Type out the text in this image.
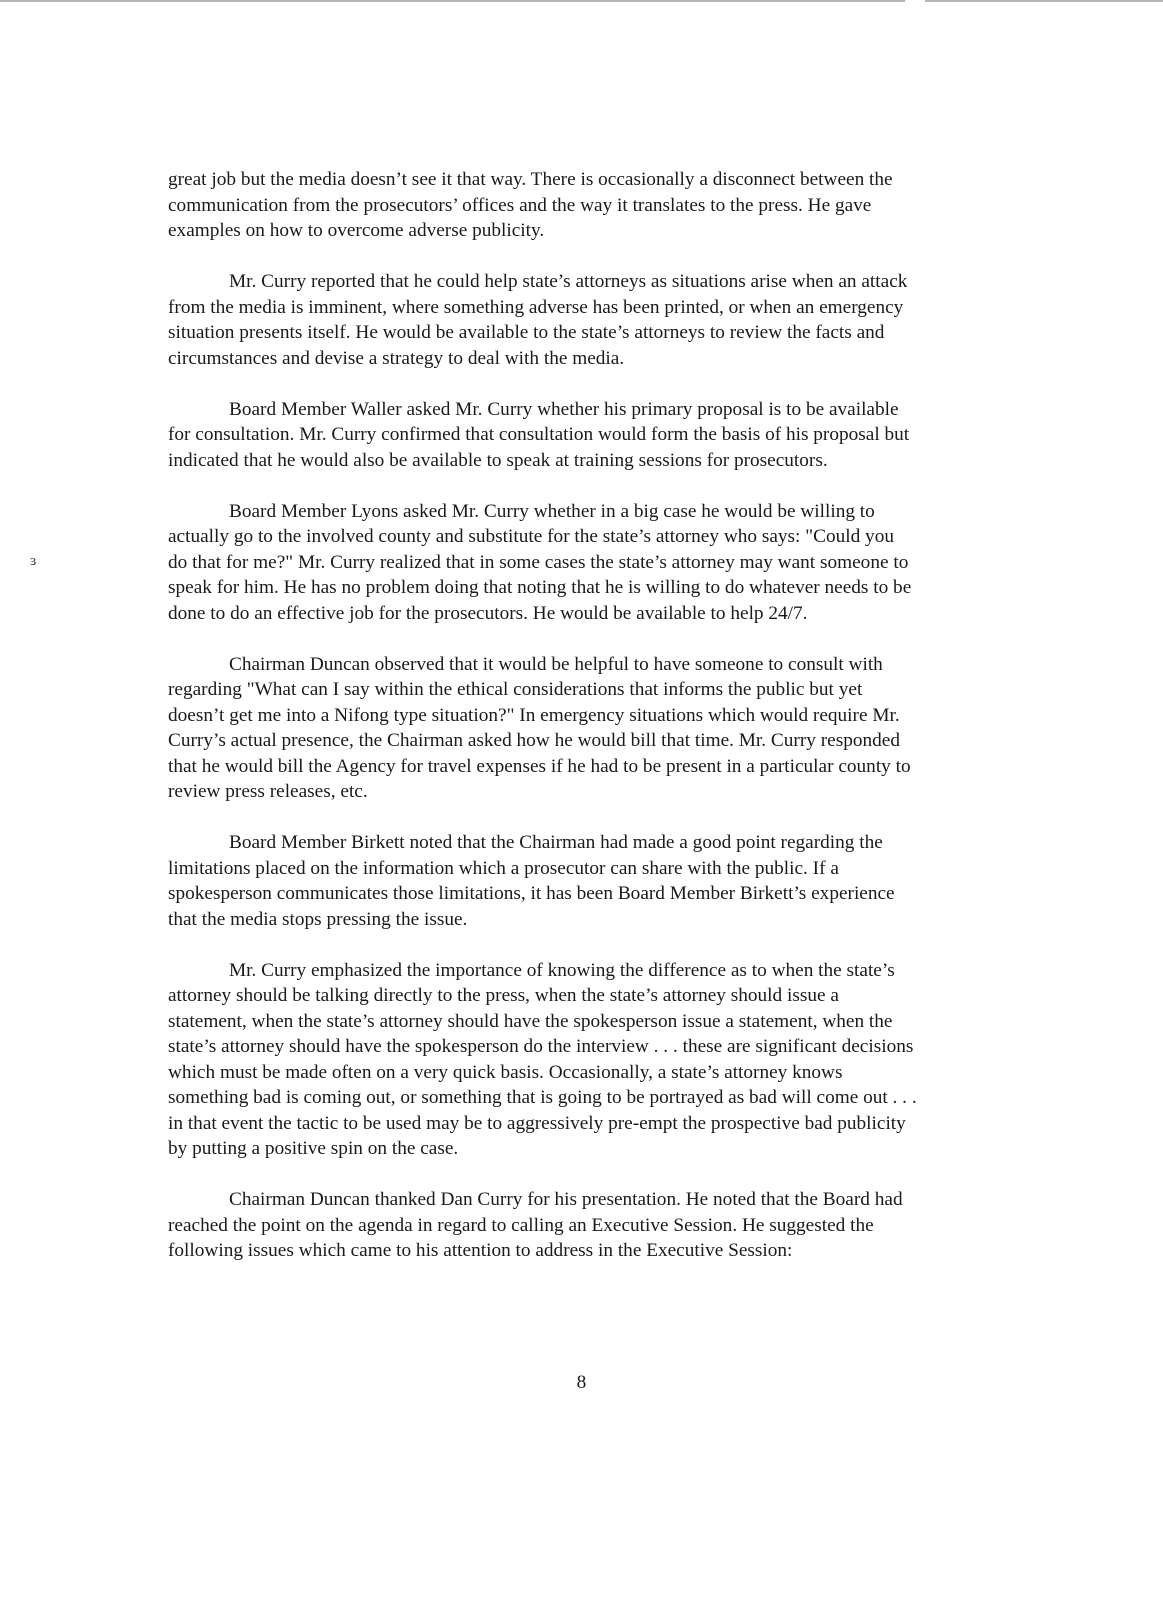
ɜ

great job but the media doesn’t see it that way. There is occasionally a disconnect between the
communication from the prosecutors’ offices and the way it translates to the press. He gave
examples on how to overcome adverse publicity.

Mr. Curry reported that he could help state’s attorneys as situations arise when an attack
from the media is imminent, where something adverse has been printed, or when an emergency
situation presents itself. He would be available to the state’s attorneys to review the facts and
circumstances and devise a strategy to deal with the media.

Board Member Waller asked Mr. Curry whether his primary proposal is to be available
for consultation. Mr. Curry confirmed that consultation would form the basis of his proposal but
indicated that he would also be available to speak at training sessions for prosecutors.

Board Member Lyons asked Mr. Curry whether in a big case he would be willing to
actually go to the involved county and substitute for the state’s attorney who says: "Could you
do that for me?" Mr. Curry realized that in some cases the state’s attorney may want someone to
speak for him. He has no problem doing that noting that he is willing to do whatever needs to be
done to do an effective job for the prosecutors. He would be available to help 24/7.

Chairman Duncan observed that it would be helpful to have someone to consult with
regarding "What can I say within the ethical considerations that informs the public but yet
doesn’t get me into a Nifong type situation?" In emergency situations which would require Mr.
Curry’s actual presence, the Chairman asked how he would bill that time. Mr. Curry responded
that he would bill the Agency for travel expenses if he had to be present in a particular county to
review press releases, etc.

Board Member Birkett noted that the Chairman had made a good point regarding the
limitations placed on the information which a prosecutor can share with the public. If a
spokesperson communicates those limitations, it has been Board Member Birkett’s experience
that the media stops pressing the issue.

Mr. Curry emphasized the importance of knowing the difference as to when the state’s
attorney should be talking directly to the press, when the state’s attorney should issue a
statement, when the state’s attorney should have the spokesperson issue a statement, when the
state’s attorney should have the spokesperson do the interview . . . these are significant decisions
which must be made often on a very quick basis. Occasionally, a state’s attorney knows
something bad is coming out, or something that is going to be portrayed as bad will come out . . .
in that event the tactic to be used may be to aggressively pre-empt the prospective bad publicity
by putting a positive spin on the case.

Chairman Duncan thanked Dan Curry for his presentation. He noted that the Board had
reached the point on the agenda in regard to calling an Executive Session. He suggested the
following issues which came to his attention to address in the Executive Session:

8
